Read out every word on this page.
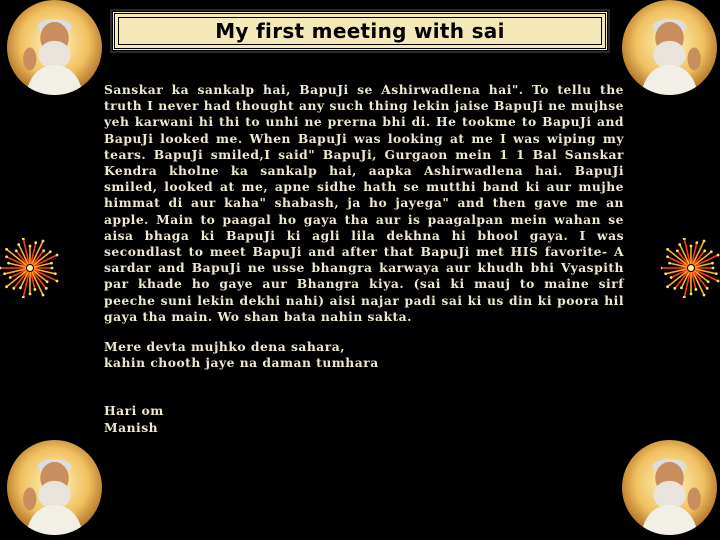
My first meeting with sai

Sanskar ka sankalp hai, BapuJi se Ashirwadlena hai". To tellu the truth I never had thought any such thing lekin jaise BapuJi ne mujhse yeh karwani hi thi to unhi ne prerna bhi di. He tookme to BapuJi and BapuJi looked me. When BapuJi was looking at me I was wiping my tears. BapuJi smiled,I said" BapuJi, Gurgaon mein 1 1 Bal Sanskar Kendra kholne ka sankalp hai, aapka Ashirwadlena hai. BapuJi smiled, looked at me, apne sidhe hath se mutthi band ki aur mujhe himmat di aur kaha" shabash, ja ho jayega" and then gave me an apple. Main to paagal ho gaya tha aur is paagalpan mein wahan se aisa bhaga ki BapuJi ki agli lila dekhna hi bhool gaya. I was secondlast to meet BapuJi and after that BapuJi met HIS favorite- A sardar and BapuJi ne usse bhangra karwaya aur khudh bhi Vyaspith par khade ho gaye aur Bhangra kiya. (sai ki mauj to maine sirf peeche suni lekin dekhi nahi) aisi najar padi sai ki us din ki poora hil gaya tha main. Wo shan bata nahin sakta.

Mere devta mujhko dena sahara,

kahin chooth jaye na daman tumhara

Hari om

Manish
